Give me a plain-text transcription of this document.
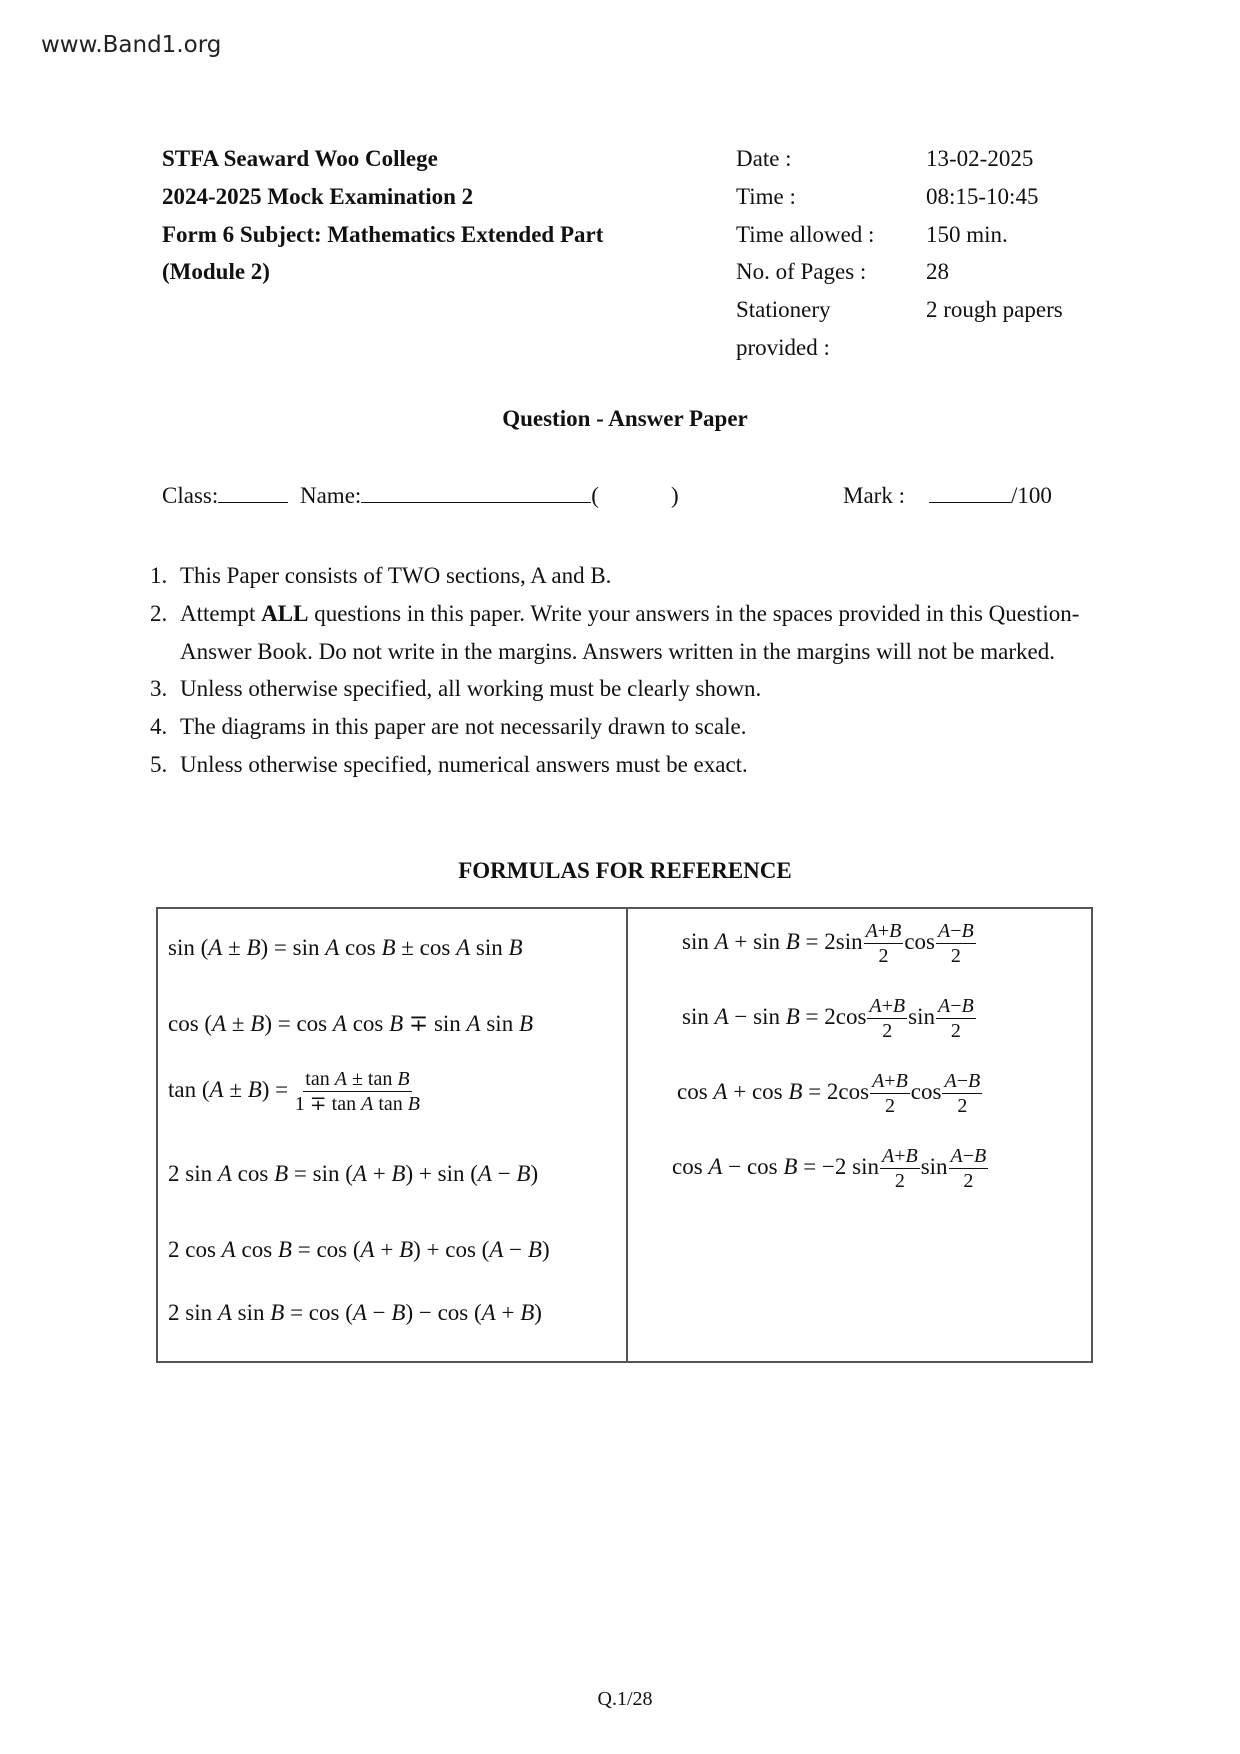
www.Band1.org
STFA Seaward Woo College
2024-2025 Mock Examination 2
Form 6 Subject: Mathematics Extended Part
(Module 2)
Date :	13-02-2025
Time :	08:15-10:45
Time allowed :	150 min.
No. of Pages :	28
Stationery	2 rough papers
provided :
Question - Answer Paper
Class:	Name:	(	)	Mark :	/100
1. This Paper consists of TWO sections, A and B.
2. Attempt ALL questions in this paper. Write your answers in the spaces provided in this Question-Answer Book. Do not write in the margins. Answers written in the margins will not be marked.
3. Unless otherwise specified, all working must be clearly shown.
4. The diagrams in this paper are not necessarily drawn to scale.
5. Unless otherwise specified, numerical answers must be exact.
FORMULAS FOR REFERENCE
sin (A ± B) = sin A cos B ± cos A sin B
cos (A ± B) = cos A cos B ∓ sin A sin B
$\tan (A \pm B) = \frac{\text{tan A ± tan B}}{\text{1 ∓ tan A tan B}}$
2 sin A cos B = sin (A + B) + sin (A − B)
2 cos A cos B = cos (A + B) + cos (A − B)
2 sin A sin B = cos (A − B) − cos (A + B)
$\sin A + \sin B = 2\sin \frac{A+B}{2}$ $\cos \frac{A-B}{2}$
$\sin A - \sin B = 2\cos \frac{A+B}{2}$ $\sin \frac{A-B}{2}$
$\cos A + \cos B = 2\cos \frac{A+B}{2}$ $\cos \frac{A-B}{2}$
cos A − cos B = −2 $\sin \frac{A+B}{2}$ $\sin \frac{A-B}{2}$
Q.1/28
